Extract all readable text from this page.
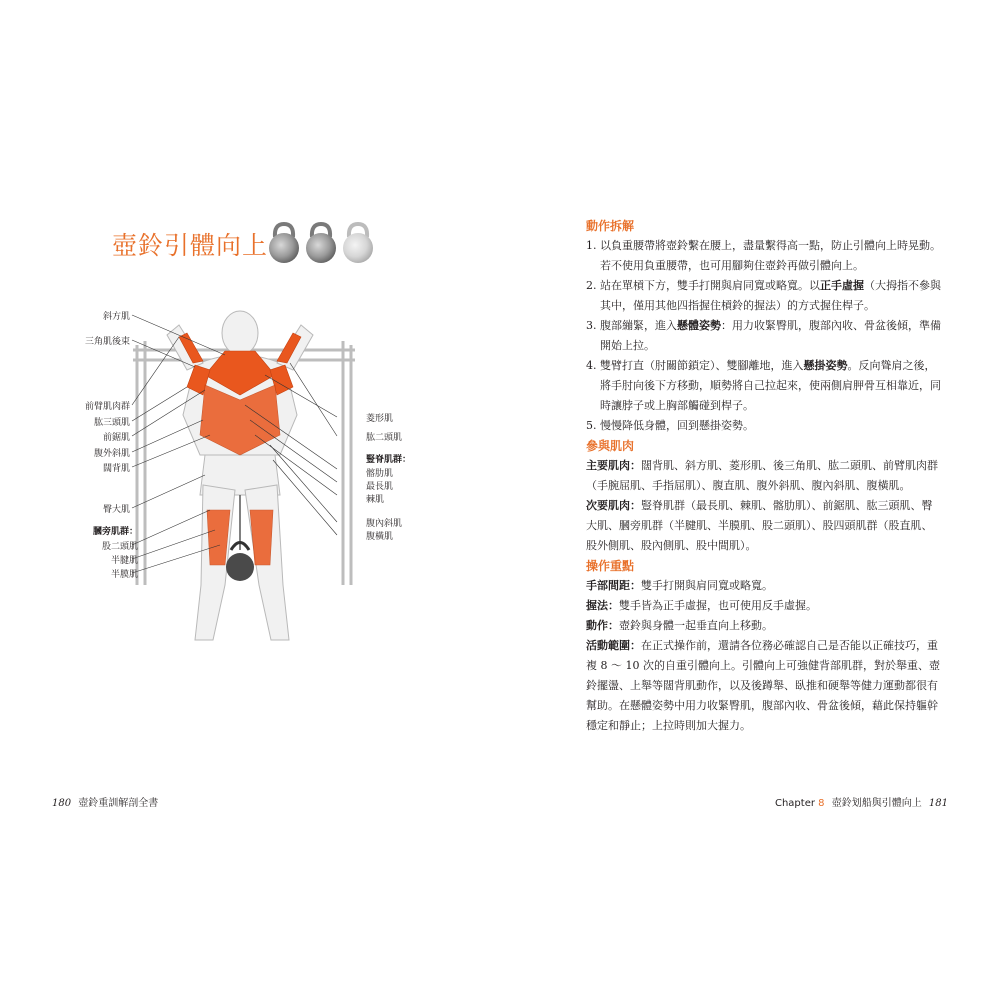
壺鈴引體向上
斜方肌
三角肌後束
前臂肌肉群
肱三頭肌
前鋸肌
腹外斜肌
闊背肌
臀大肌
膕旁肌群：
股二頭肌
半腱肌
半膜肌
菱形肌
肱二頭肌
豎脊肌群：
髂肋肌
最長肌
棘肌
腹內斜肌
腹橫肌
動作拆解
1. 以負重腰帶將壺鈴繫在腰上，盡量繫得高一點，防止引體向上時晃動。若不使用負重腰帶，也可用腳夠住壺鈴再做引體向上。
2. 站在單槓下方，雙手打開與肩同寬或略寬。以正手虛握（大拇指不參與其中，僅用其他四指握住槓鈴的握法）的方式握住桿子。
3. 腹部繃緊，進入懸體姿勢：用力收緊臀肌，腹部內收、骨盆後傾，準備開始上拉。
4. 雙臂打直（肘關節鎖定）、雙腳離地，進入懸掛姿勢。反向聳肩之後，將手肘向後下方移動，順勢將自己拉起來，使兩側肩胛骨互相靠近，同時讓脖子或上胸部觸碰到桿子。
5. 慢慢降低身體，回到懸掛姿勢。
參與肌肉
主要肌肉：闊背肌、斜方肌、菱形肌、後三角肌、肱二頭肌、前臂肌肉群（手腕屈肌、手指屈肌）、腹直肌、腹外斜肌、腹內斜肌、腹橫肌。
次要肌肉：豎脊肌群（最長肌、棘肌、髂肋肌）、前鋸肌、肱三頭肌、臀大肌、膕旁肌群（半腱肌、半膜肌、股二頭肌）、股四頭肌群（股直肌、股外側肌、股內側肌、股中間肌）。
操作重點
手部間距：雙手打開與肩同寬或略寬。
握法：雙手皆為正手虛握，也可使用反手虛握。
動作：壺鈴與身體一起垂直向上移動。
活動範圍：在正式操作前，還請各位務必確認自己是否能以正確技巧，重複 8 ～ 10 次的自重引體向上。引體向上可強健背部肌群，對於舉重、壺鈴擺盪、上舉等闊背肌動作，以及後蹲舉、臥推和硬舉等健力運動都很有幫助。在懸體姿勢中用力收緊臀肌，腹部內收、骨盆後傾，藉此保持軀幹穩定和靜止；上拉時則加大握力。
180 壺鈴重訓解剖全書	Chapter 8 壺鈴划船與引體向上 181
